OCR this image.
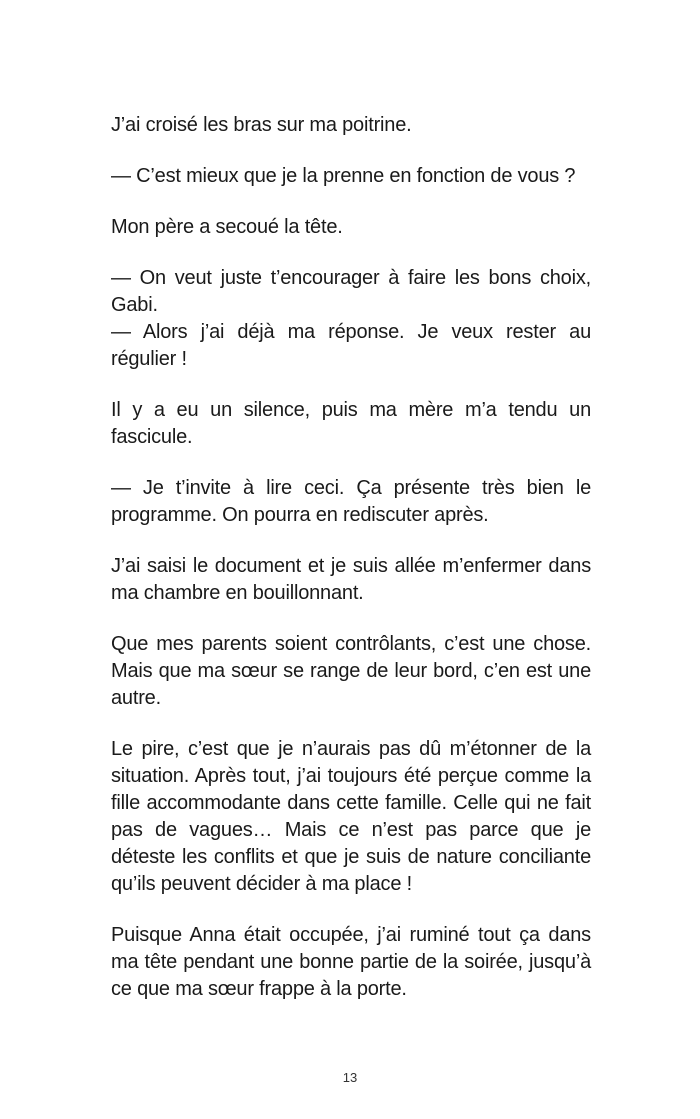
J’ai croisé les bras sur ma poitrine.

— C’est mieux que je la prenne en fonction de vous ?

Mon père a secoué la tête.

— On veut juste t’encourager à faire les bons choix, Gabi.
— Alors j’ai déjà ma réponse. Je veux rester au régulier !

Il y a eu un silence, puis ma mère m’a tendu un fascicule.

— Je t’invite à lire ceci. Ça présente très bien le programme. On pourra en rediscuter après.

J’ai saisi le document et je suis allée m’enfermer dans ma chambre en bouillonnant.

Que mes parents soient contrôlants, c’est une chose. Mais que ma sœur se range de leur bord, c’en est une autre.

Le pire, c’est que je n’aurais pas dû m’étonner de la situation. Après tout, j’ai toujours été perçue comme la fille accommodante dans cette famille. Celle qui ne fait pas de vagues… Mais ce n’est pas parce que je déteste les conflits et que je suis de nature conciliante qu’ils peuvent décider à ma place !

Puisque Anna était occupée, j’ai ruminé tout ça dans ma tête pendant une bonne partie de la soirée, jusqu’à ce que ma sœur frappe à la porte.

13
